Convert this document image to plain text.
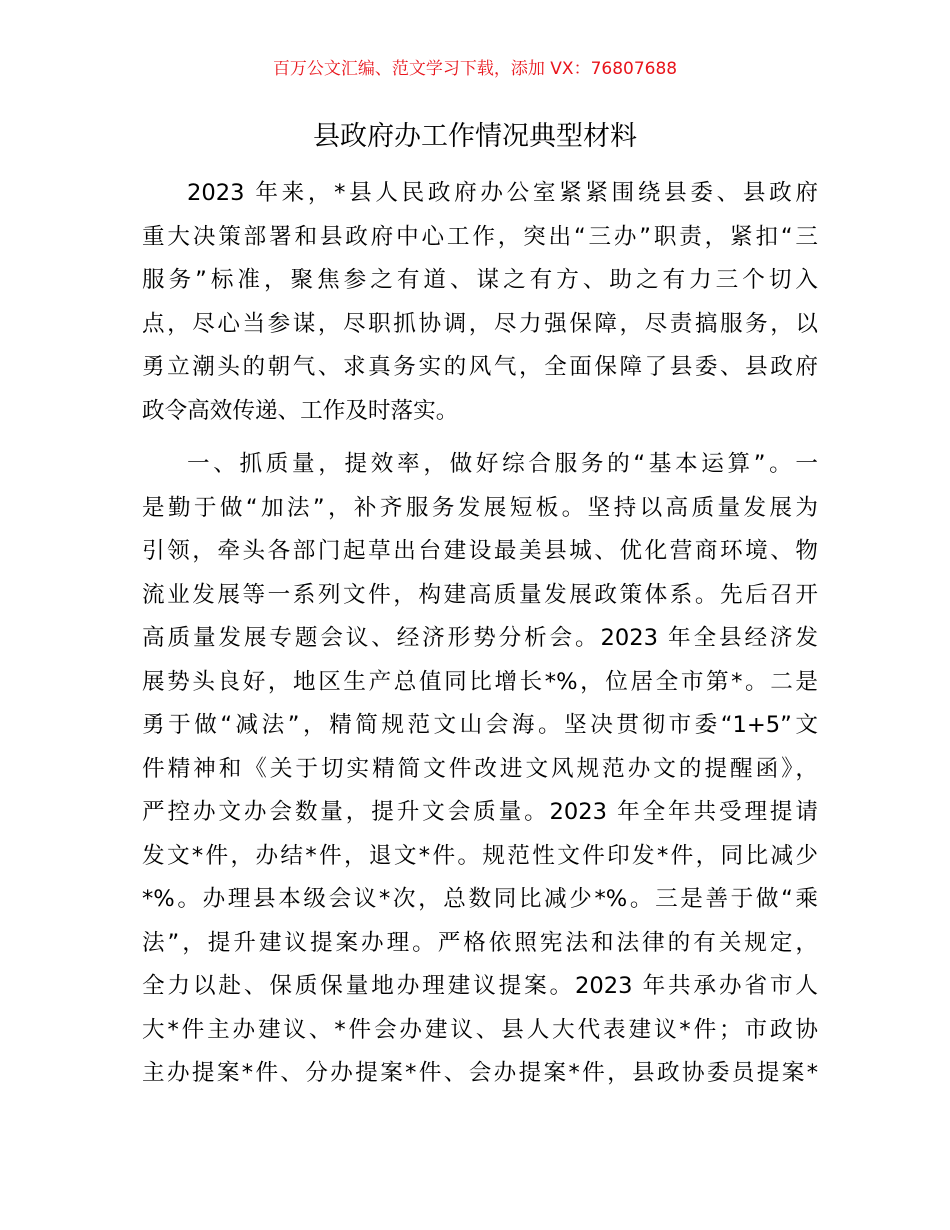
百万公文汇编、范文学习下载，添加 VX：76807688
县政府办工作情况典型材料
2023 年来，*县人民政府办公室紧紧围绕县委、县政府
重大决策部署和县政府中心工作，突出“三办”职责，紧扣“三
服务”标准，聚焦参之有道、谋之有方、助之有力三个切入
点，尽心当参谋，尽职抓协调，尽力强保障，尽责搞服务，以
勇立潮头的朝气、求真务实的风气，全面保障了县委、县政府
政令高效传递、工作及时落实。
一、抓质量，提效率，做好综合服务的“基本运算”。一
是勤于做“加法”，补齐服务发展短板。坚持以高质量发展为
引领，牵头各部门起草出台建设最美县城、优化营商环境、物
流业发展等一系列文件，构建高质量发展政策体系。先后召开
高质量发展专题会议、经济形势分析会。2023 年全县经济发
展势头良好，地区生产总值同比增长*%，位居全市第*。二是
勇于做“减法”，精简规范文山会海。坚决贯彻市委“1+5”文
件精神和《关于切实精简文件改进文风规范办文的提醒函》，
严控办文办会数量，提升文会质量。2023 年全年共受理提请
发文*件，办结*件，退文*件。规范性文件印发*件，同比减少
*%。办理县本级会议*次，总数同比减少*%。三是善于做“乘
法”，提升建议提案办理。严格依照宪法和法律的有关规定，
全力以赴、保质保量地办理建议提案。2023 年共承办省市人
大*件主办建议、*件会办建议、县人大代表建议*件；市政协
主办提案*件、分办提案*件、会办提案*件，县政协委员提案*
